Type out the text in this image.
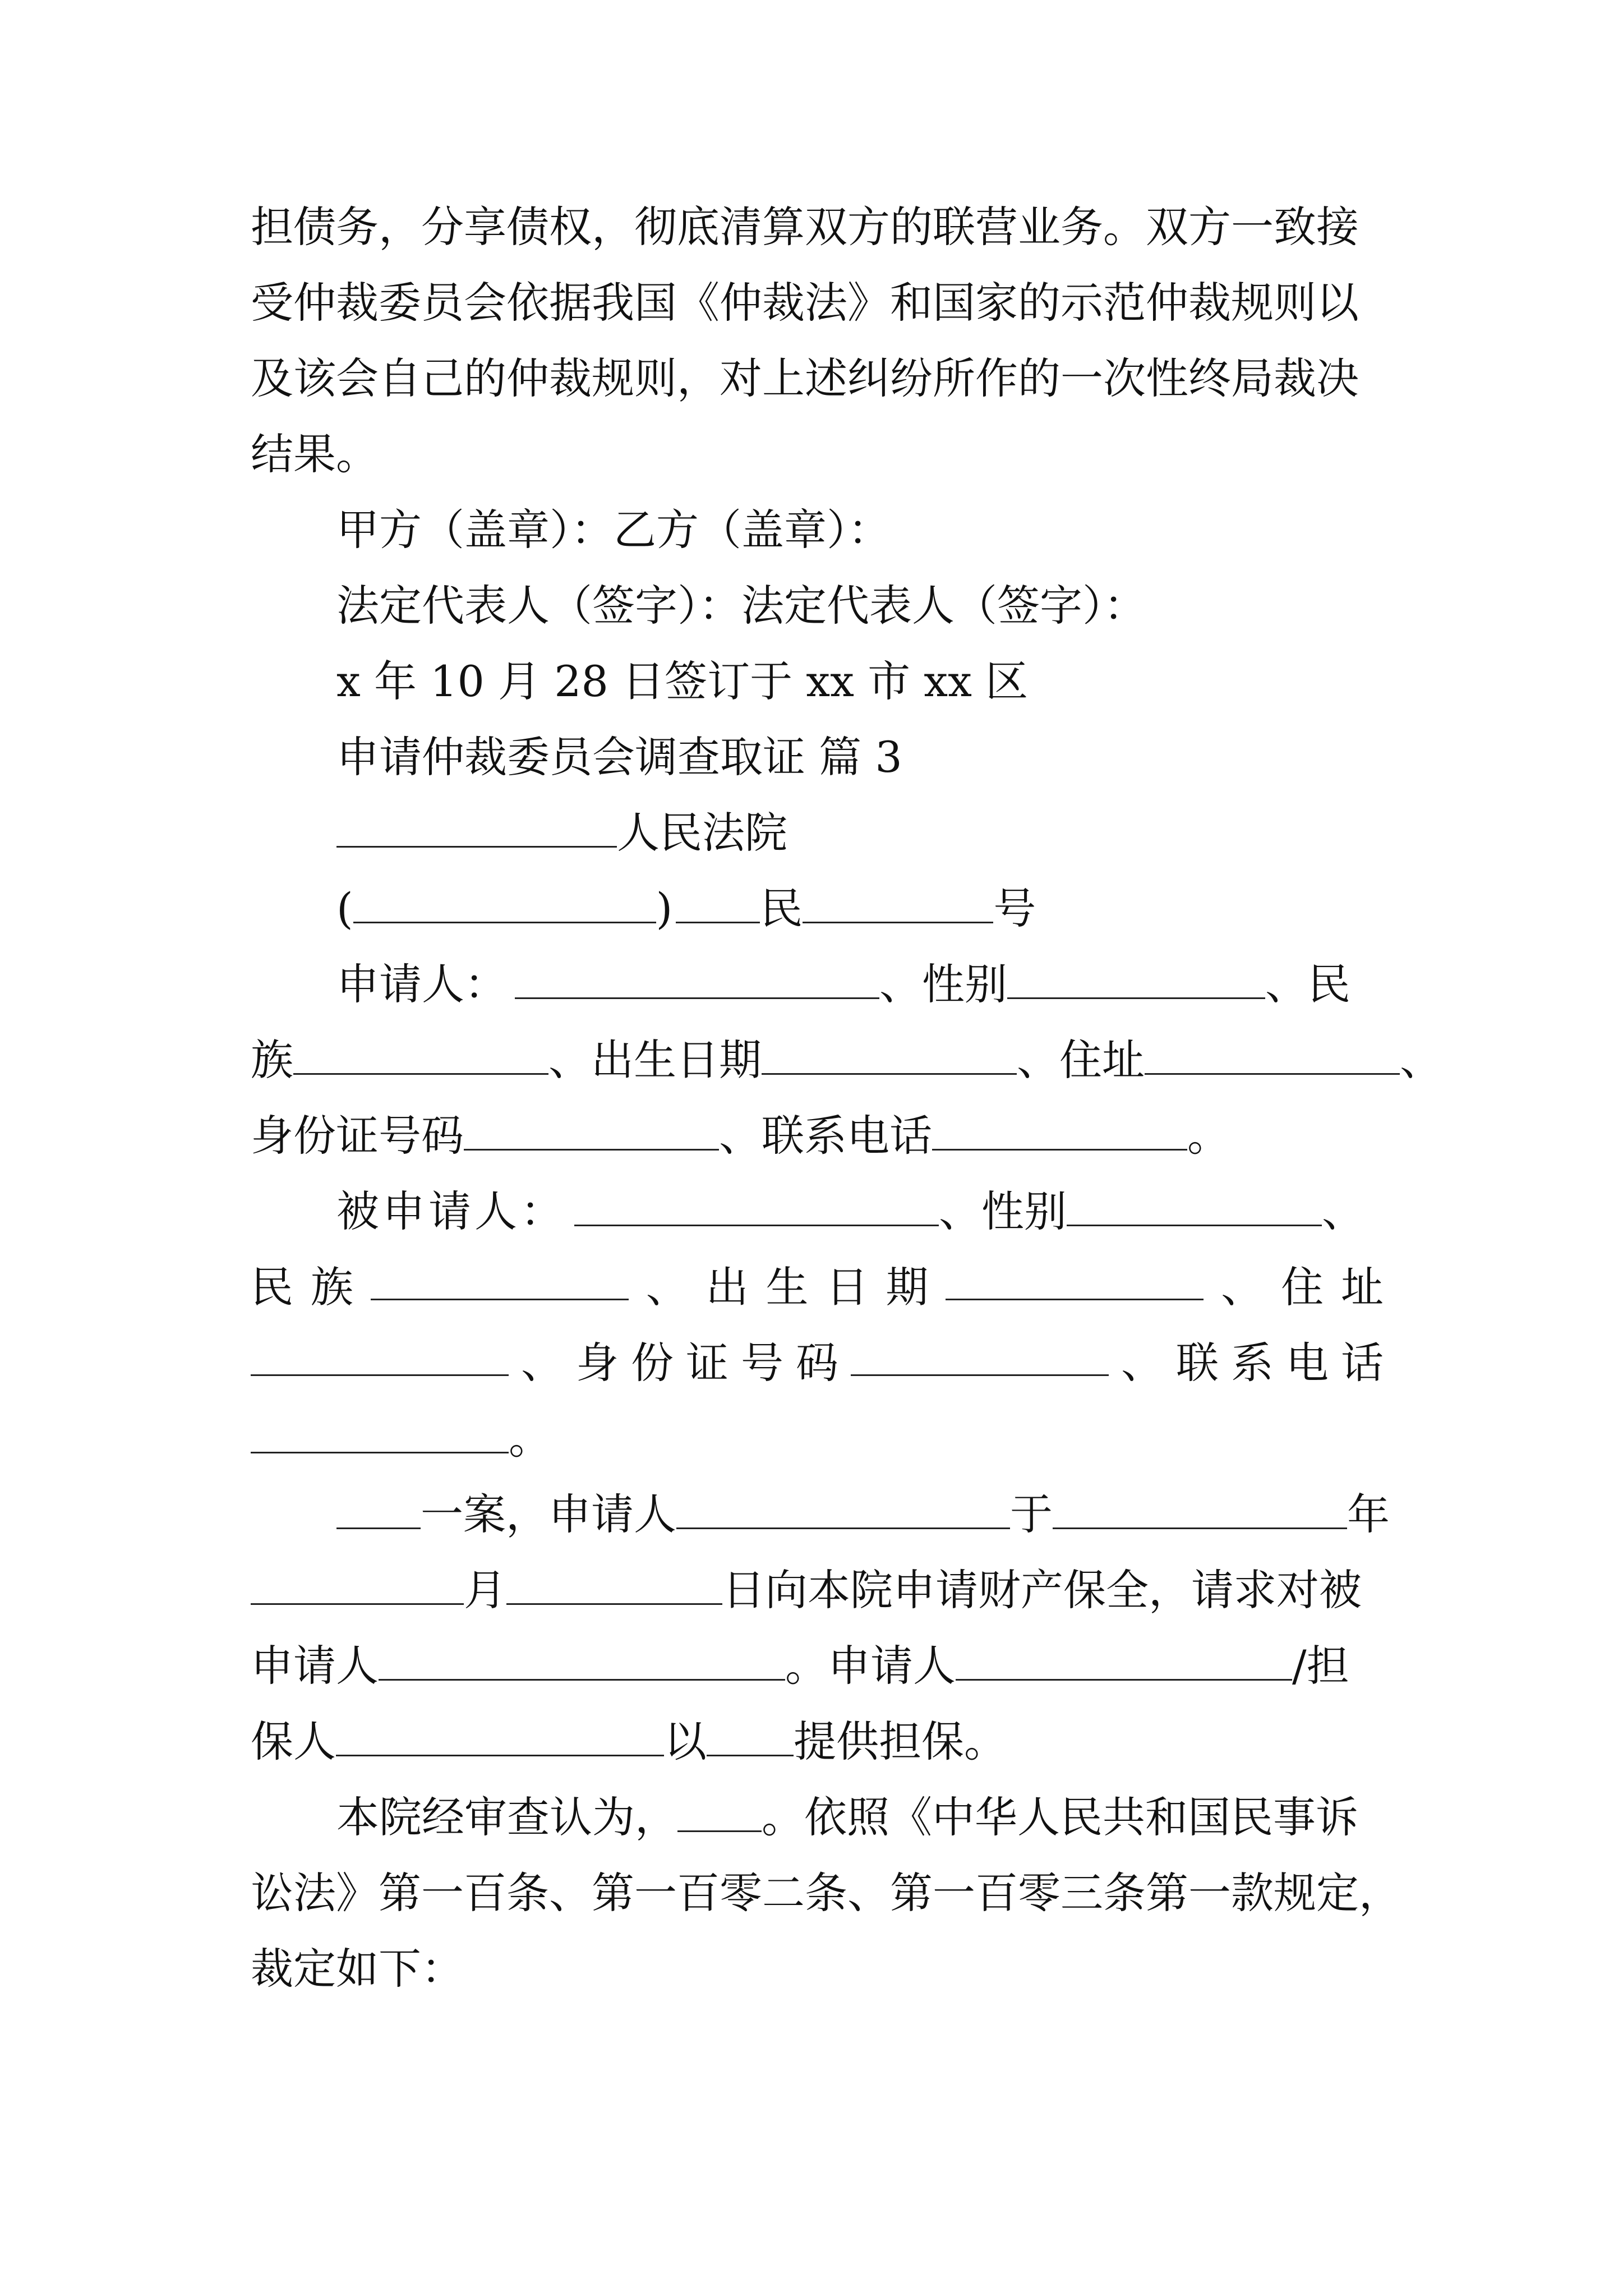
担债务，分享债权，彻底清算双方的联营业务。双方一致接
受仲裁委员会依据我国《仲裁法》和国家的示范仲裁规则以
及该会自己的仲裁规则，对上述纠纷所作的一次性终局裁决
结果。
甲方（盖章）：乙方（盖章）：
法定代表人（签字）：法定代表人（签字）：
x 年 10 月 28 日签订于 xx 市 xx 区
申请仲裁委员会调查取证 篇 3
人民法院
(	) 民	号
申请人：	、性别	、民
族	、出生日期	、住址	、
身份证号码	、联系电话	。
被申请人：	、性别	、
民 族	、 出 生 日 期	、 住 址
、 身 份 证 号 码	、 联 系 电 话
。
一案，申请人	于	年
月	日向本院申请财产保全，请求对被
申请人	。申请人	/担
保人	以 提供担保。
本院经审查认为， 。依照《中华人民共和国民事诉
讼法》第一百条、第一百零二条、第一百零三条第一款规定，
裁定如下：
